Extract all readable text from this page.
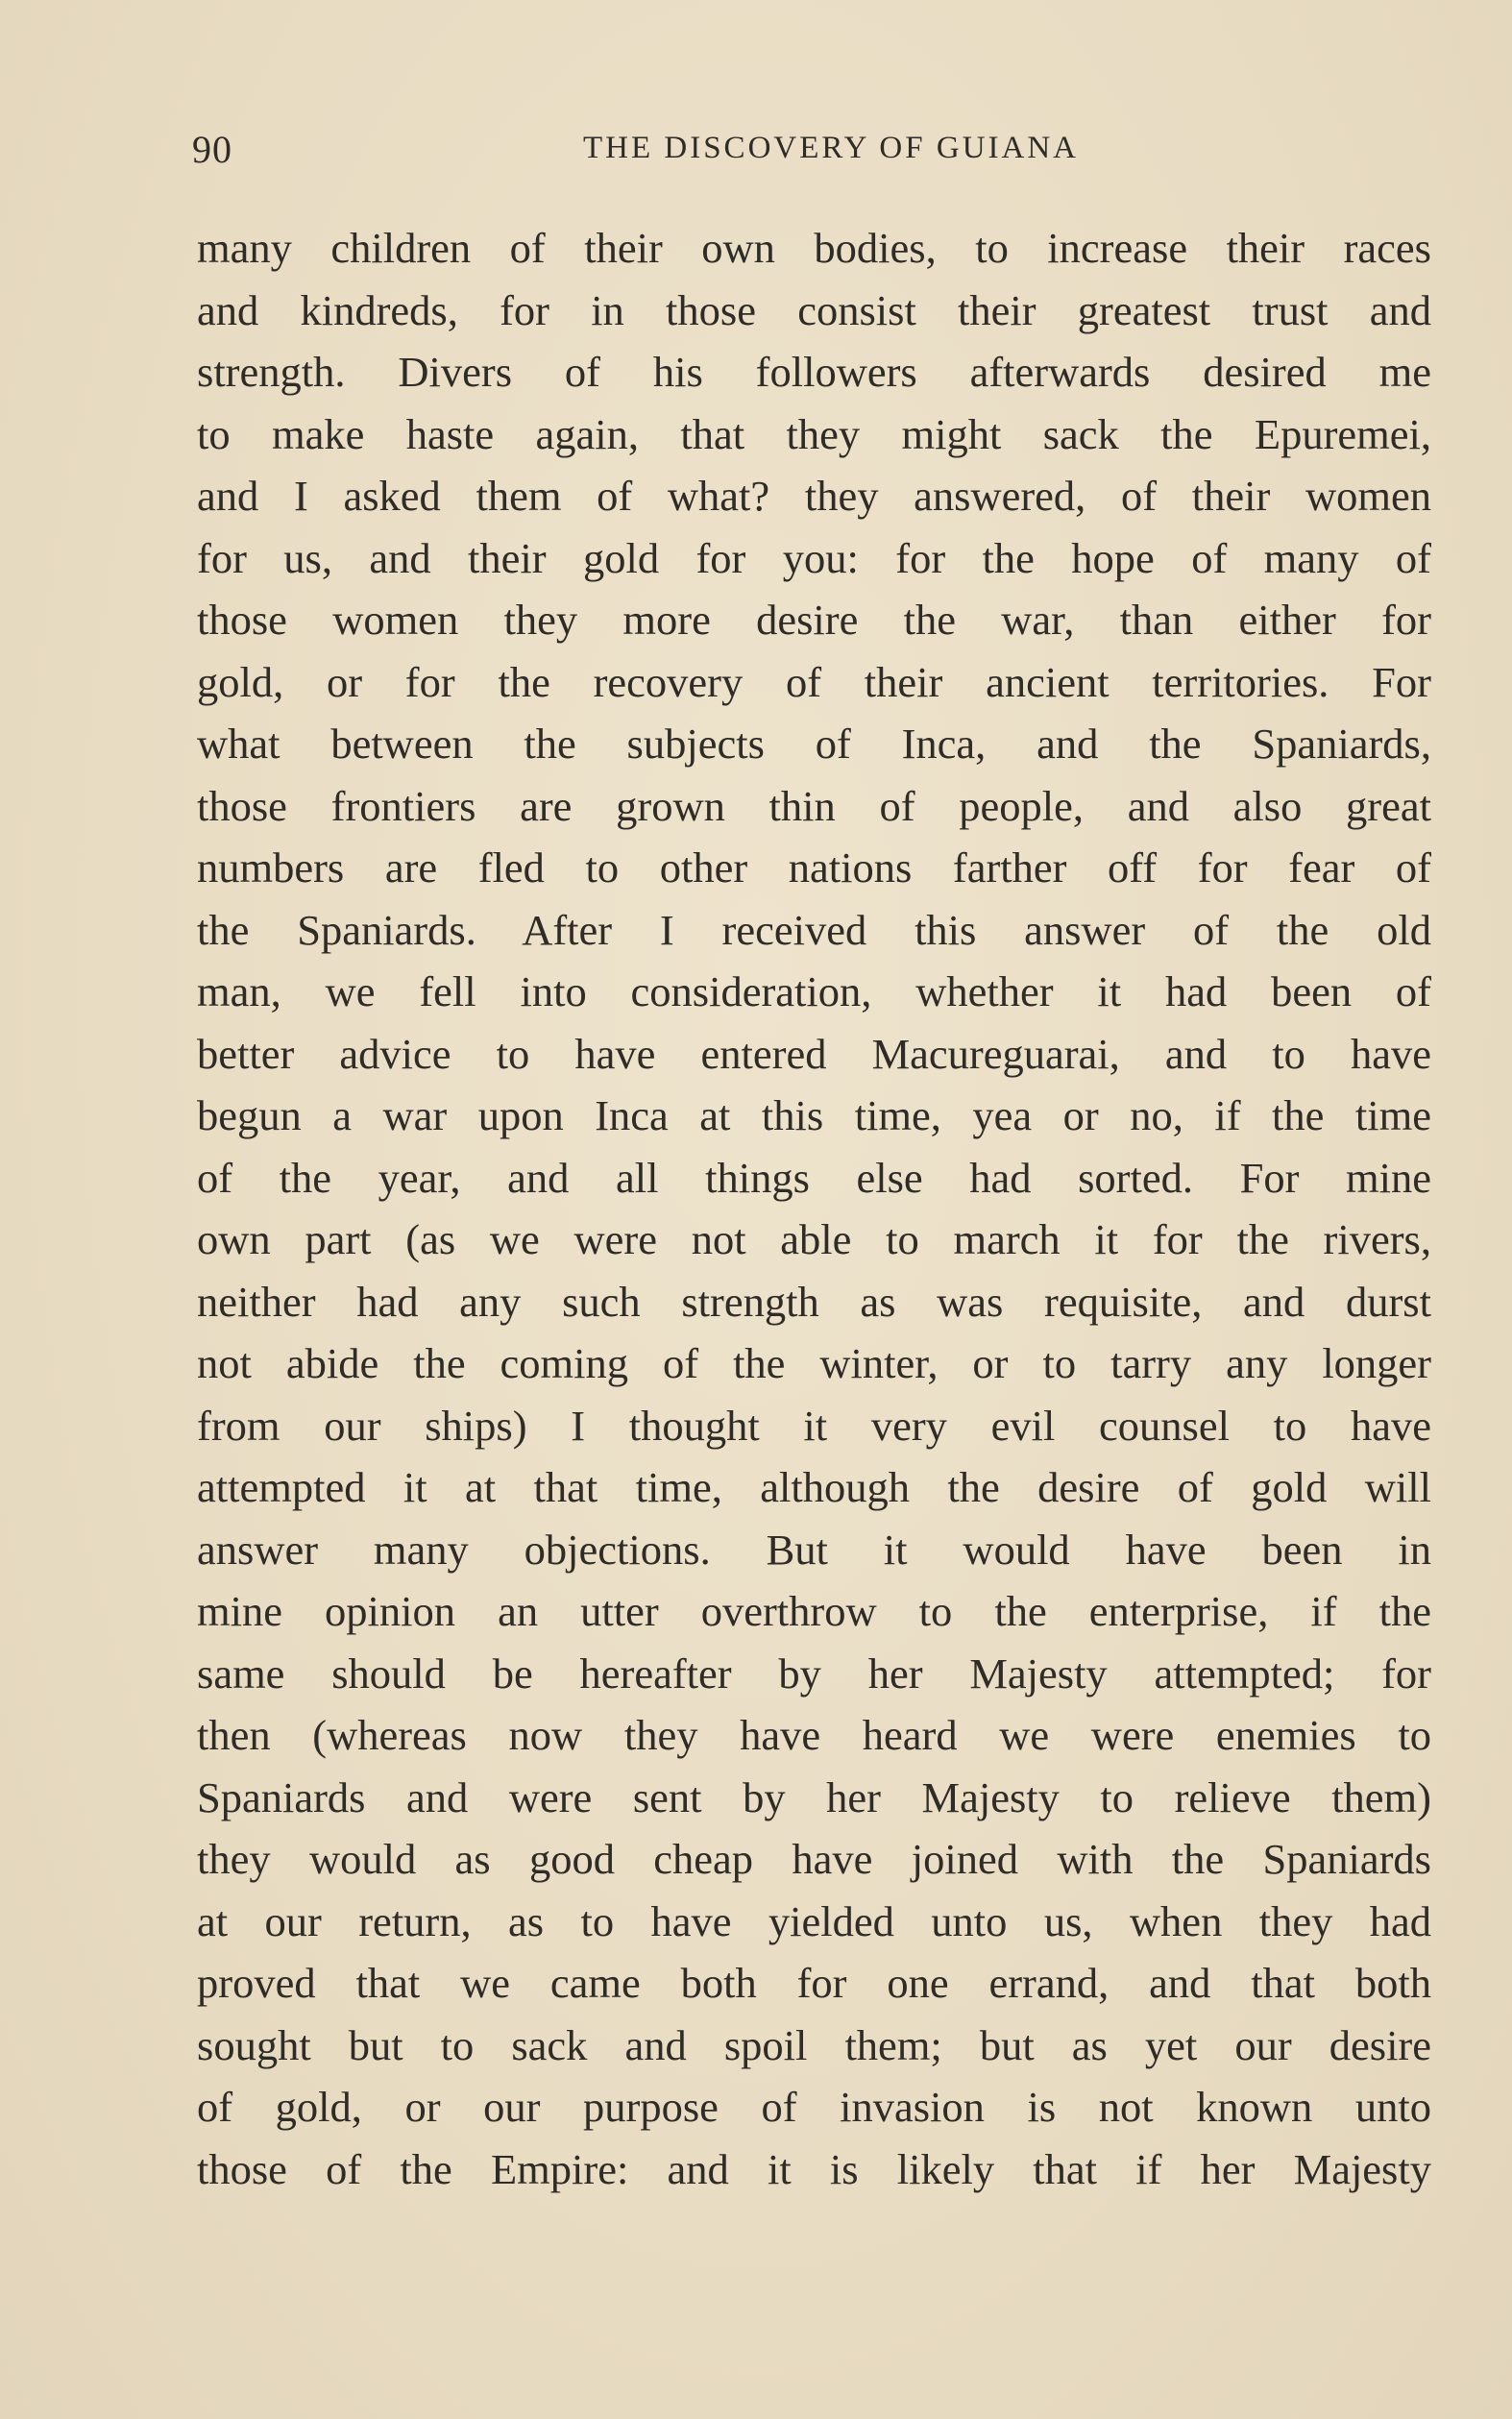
90	THE DISCOVERY OF GUIANA
many children of their own bodies, to increase their races
and kindreds, for in those consist their greatest trust and
strength. Divers of his followers afterwards desired me
to make haste again, that they might sack the Epuremei,
and I asked them of what? they answered, of their women
for us, and their gold for you: for the hope of many of
those women they more desire the war, than either for
gold, or for the recovery of their ancient territories. For
what between the subjects of Inca, and the Spaniards,
those frontiers are grown thin of people, and also great
numbers are fled to other nations farther off for fear of
the Spaniards. After I received this answer of the old
man, we fell into consideration, whether it had been of
better advice to have entered Macureguarai, and to have
begun a war upon Inca at this time, yea or no, if the time
of the year, and all things else had sorted. For mine
own part (as we were not able to march it for the rivers,
neither had any such strength as was requisite, and durst
not abide the coming of the winter, or to tarry any longer
from our ships) I thought it very evil counsel to have
attempted it at that time, although the desire of gold will
answer many objections. But it would have been in
mine opinion an utter overthrow to the enterprise, if the
same should be hereafter by her Majesty attempted; for
then (whereas now they have heard we were enemies to
Spaniards and were sent by her Majesty to relieve them)
they would as good cheap have joined with the Spaniards
at our return, as to have yielded unto us, when they had
proved that we came both for one errand, and that both
sought but to sack and spoil them; but as yet our desire
of gold, or our purpose of invasion is not known unto
those of the Empire: and it is likely that if her Majesty
